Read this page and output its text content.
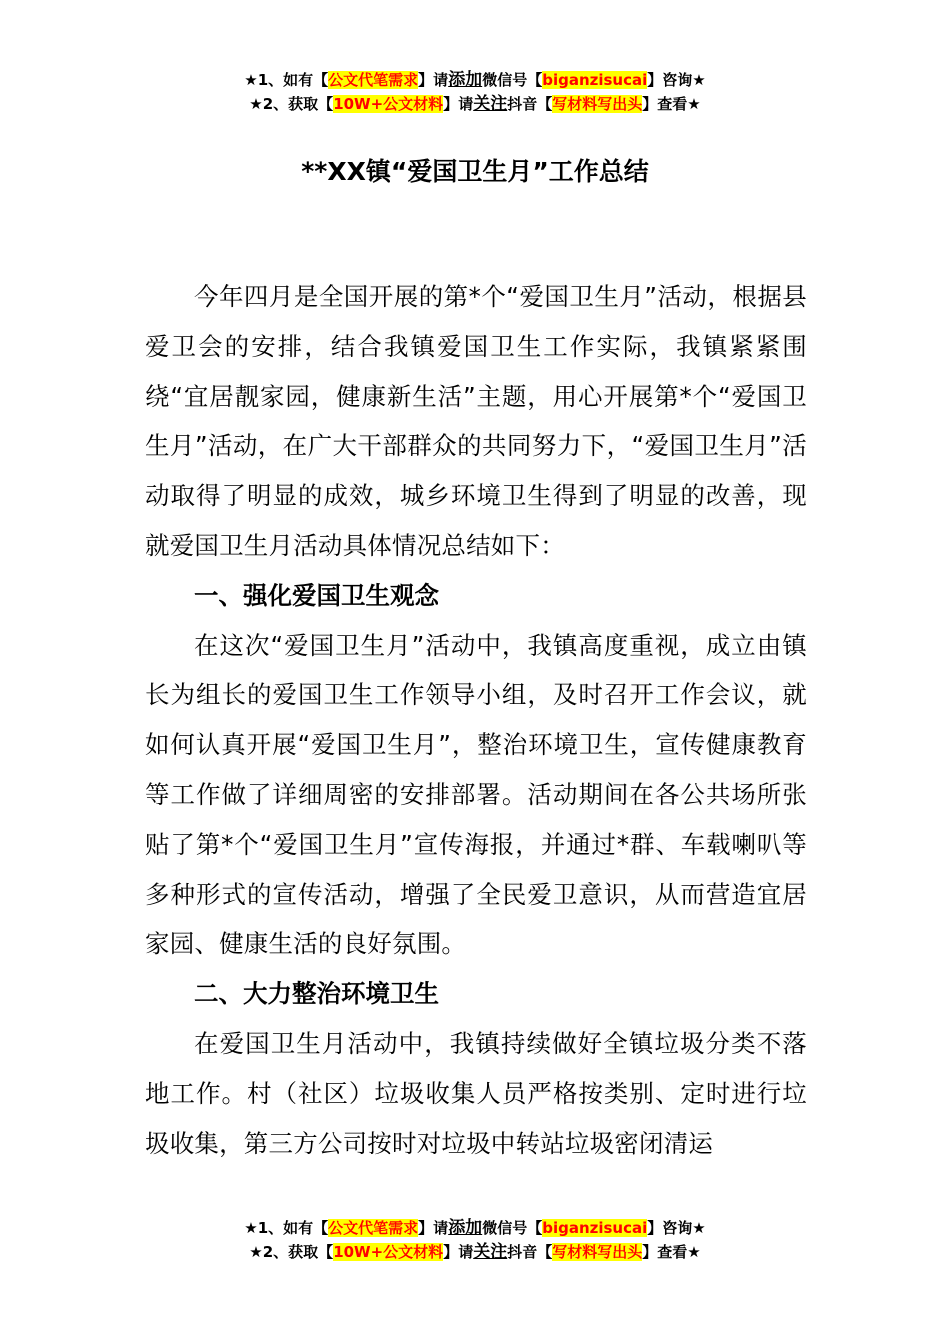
★1、如有【公文代笔需求】请添加微信号【biganzisucai】咨询★
★2、获取【10W+公文材料】请关注抖音【写材料写出头】查看★
**XX镇“爱国卫生月”工作总结

今年四月是全国开展的第*个“爱国卫生月”活动，根据县爱卫会的安排，结合我镇爱国卫生工作实际，我镇紧紧围绕“宜居靓家园，健康新生活”主题，用心开展第*个“爱国卫生月”活动，在广大干部群众的共同努力下，“爱国卫生月”活动取得了明显的成效，城乡环境卫生得到了明显的改善，现就爱国卫生月活动具体情况总结如下：

一、强化爱国卫生观念

在这次“爱国卫生月”活动中，我镇高度重视，成立由镇长为组长的爱国卫生工作领导小组，及时召开工作会议，就如何认真开展“爱国卫生月”，整治环境卫生，宣传健康教育等工作做了详细周密的安排部署。活动期间在各公共场所张贴了第*个“爱国卫生月”宣传海报，并通过*群、车载喇叭等多种形式的宣传活动，增强了全民爱卫意识，从而营造宜居家园、健康生活的良好氛围。

二、大力整治环境卫生

在爱国卫生月活动中，我镇持续做好全镇垃圾分类不落地工作。村（社区）垃圾收集人员严格按类别、定时进行垃圾收集，第三方公司按时对垃圾中转站垃圾密闭清运

★1、如有【公文代笔需求】请添加微信号【biganzisucai】咨询★
★2、获取【10W+公文材料】请关注抖音【写材料写出头】查看★
